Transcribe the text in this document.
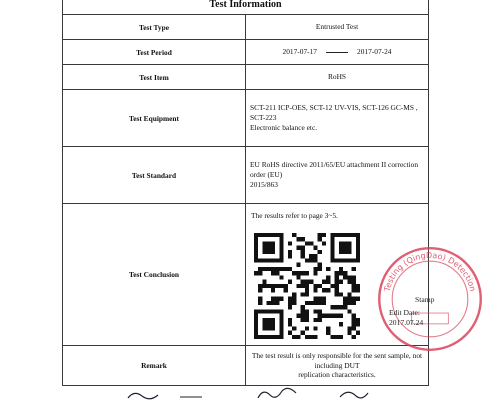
Test Information	
Test Type	Entrusted Test
Test Period	2017-07-17 2017-07-24
Test Item	RoHS
Test Equipment	SCT-211 ICP-OES, SCT-12 UV-VIS, SCT-126 GC-MS , SCT-223
Electronic balance etc.

Test Standard	EU RoHS directive 2011/65/EU attachment II correction order (EU)
2015/863

Test Conclusion	The results refer to page 3~5.
Testing (QingDao) Detection
Stamp
Edit Date: 2017.07.24

Remark	The test result is only responsible for the sent sample, not including DUT
replication characteristics.
